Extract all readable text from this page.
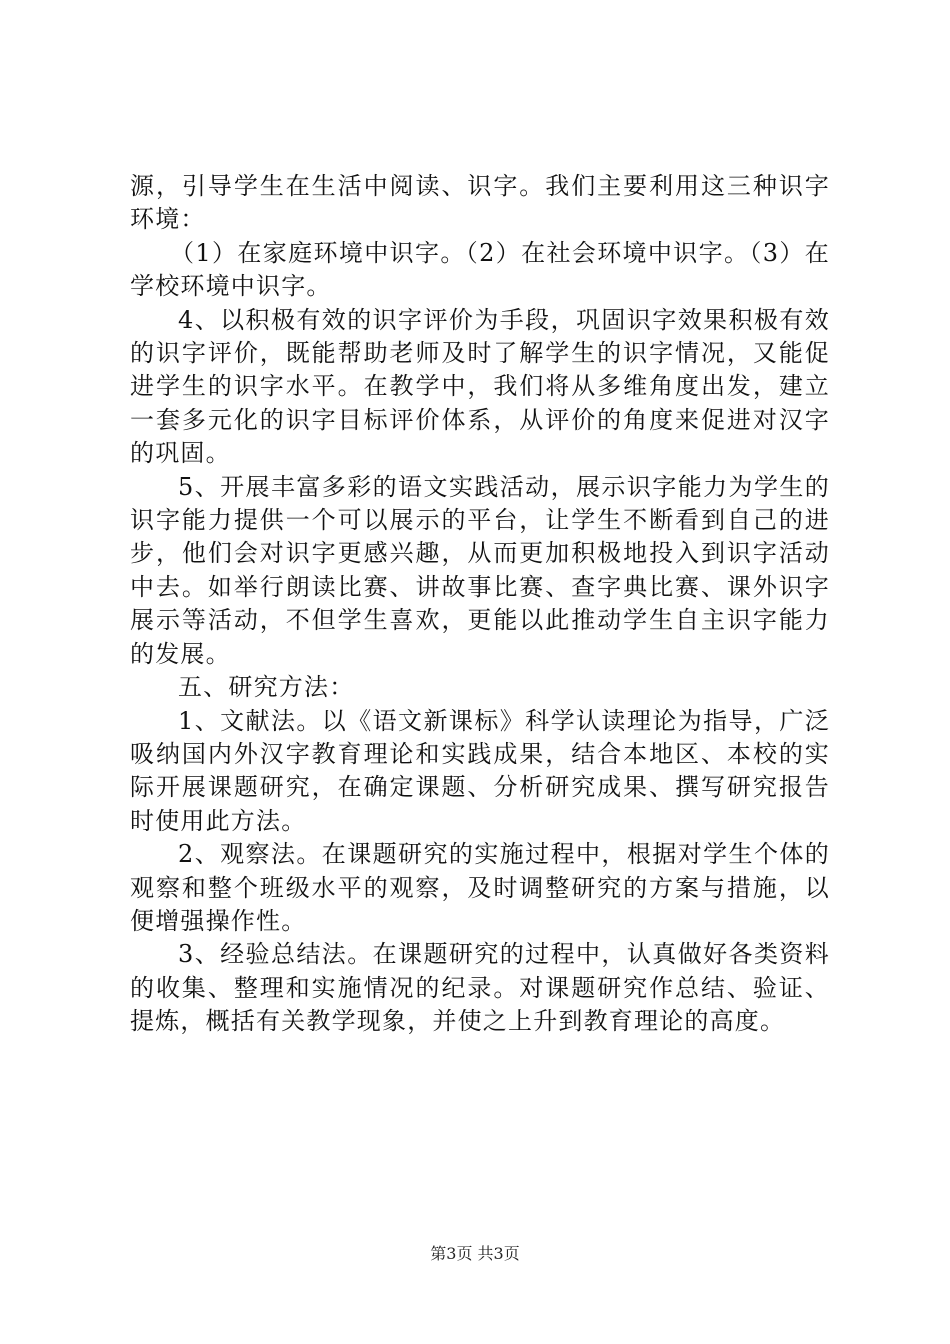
源，引导学生在生活中阅读、识字。我们主要利用这三种识字环境：

（1）在家庭环境中识字。（2）在社会环境中识字。（3）在学校环境中识字。

4、以积极有效的识字评价为手段，巩固识字效果积极有效的识字评价，既能帮助老师及时了解学生的识字情况，又能促进学生的识字水平。在教学中，我们将从多维角度出发，建立一套多元化的识字目标评价体系，从评价的角度来促进对汉字的巩固。

5、开展丰富多彩的语文实践活动，展示识字能力为学生的识字能力提供一个可以展示的平台，让学生不断看到自己的进步，他们会对识字更感兴趣，从而更加积极地投入到识字活动中去。如举行朗读比赛、讲故事比赛、查字典比赛、课外识字展示等活动，不但学生喜欢，更能以此推动学生自主识字能力的发展。

五、研究方法：

1、文献法。以《语文新课标》科学认读理论为指导，广泛吸纳国内外汉字教育理论和实践成果，结合本地区、本校的实际开展课题研究，在确定课题、分析研究成果、撰写研究报告时使用此方法。

2、观察法。在课题研究的实施过程中，根据对学生个体的观察和整个班级水平的观察，及时调整研究的方案与措施，以便增强操作性。

3、经验总结法。在课题研究的过程中，认真做好各类资料的收集、整理和实施情况的纪录。对课题研究作总结、验证、提炼，概括有关教学现象，并使之上升到教育理论的高度。

第3页 共3页
